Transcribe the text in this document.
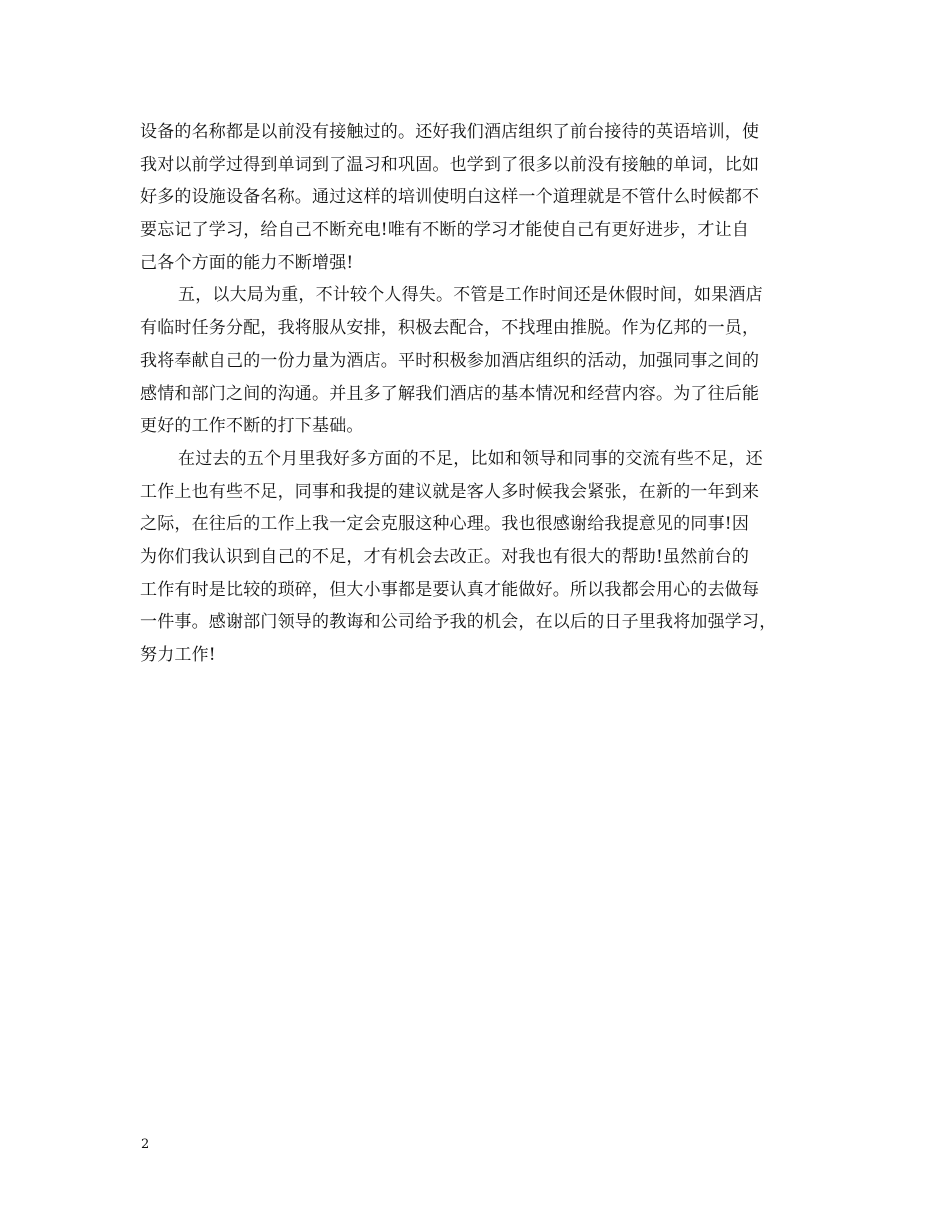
设备的名称都是以前没有接触过的。还好我们酒店组织了前台接待的英语培训，使
我对以前学过得到单词到了温习和巩固。也学到了很多以前没有接触的单词，比如
好多的设施设备名称。通过这样的培训使明白这样一个道理就是不管什么时候都不
要忘记了学习，给自己不断充电!唯有不断的学习才能使自己有更好进步，才让自
己各个方面的能力不断增强!
五，以大局为重，不计较个人得失。不管是工作时间还是休假时间，如果酒店
有临时任务分配，我将服从安排，积极去配合，不找理由推脱。作为亿邦的一员，
我将奉献自己的一份力量为酒店。平时积极参加酒店组织的活动，加强同事之间的
感情和部门之间的沟通。并且多了解我们酒店的基本情况和经营内容。为了往后能
更好的工作不断的打下基础。
在过去的五个月里我好多方面的不足，比如和领导和同事的交流有些不足，还
工作上也有些不足，同事和我提的建议就是客人多时候我会紧张，在新的一年到来
之际，在往后的工作上我一定会克服这种心理。我也很感谢给我提意见的同事!因
为你们我认识到自己的不足，才有机会去改正。对我也有很大的帮助!虽然前台的
工作有时是比较的琐碎，但大小事都是要认真才能做好。所以我都会用心的去做每
一件事。感谢部门领导的教诲和公司给予我的机会，在以后的日子里我将加强学习，
努力工作!
2
